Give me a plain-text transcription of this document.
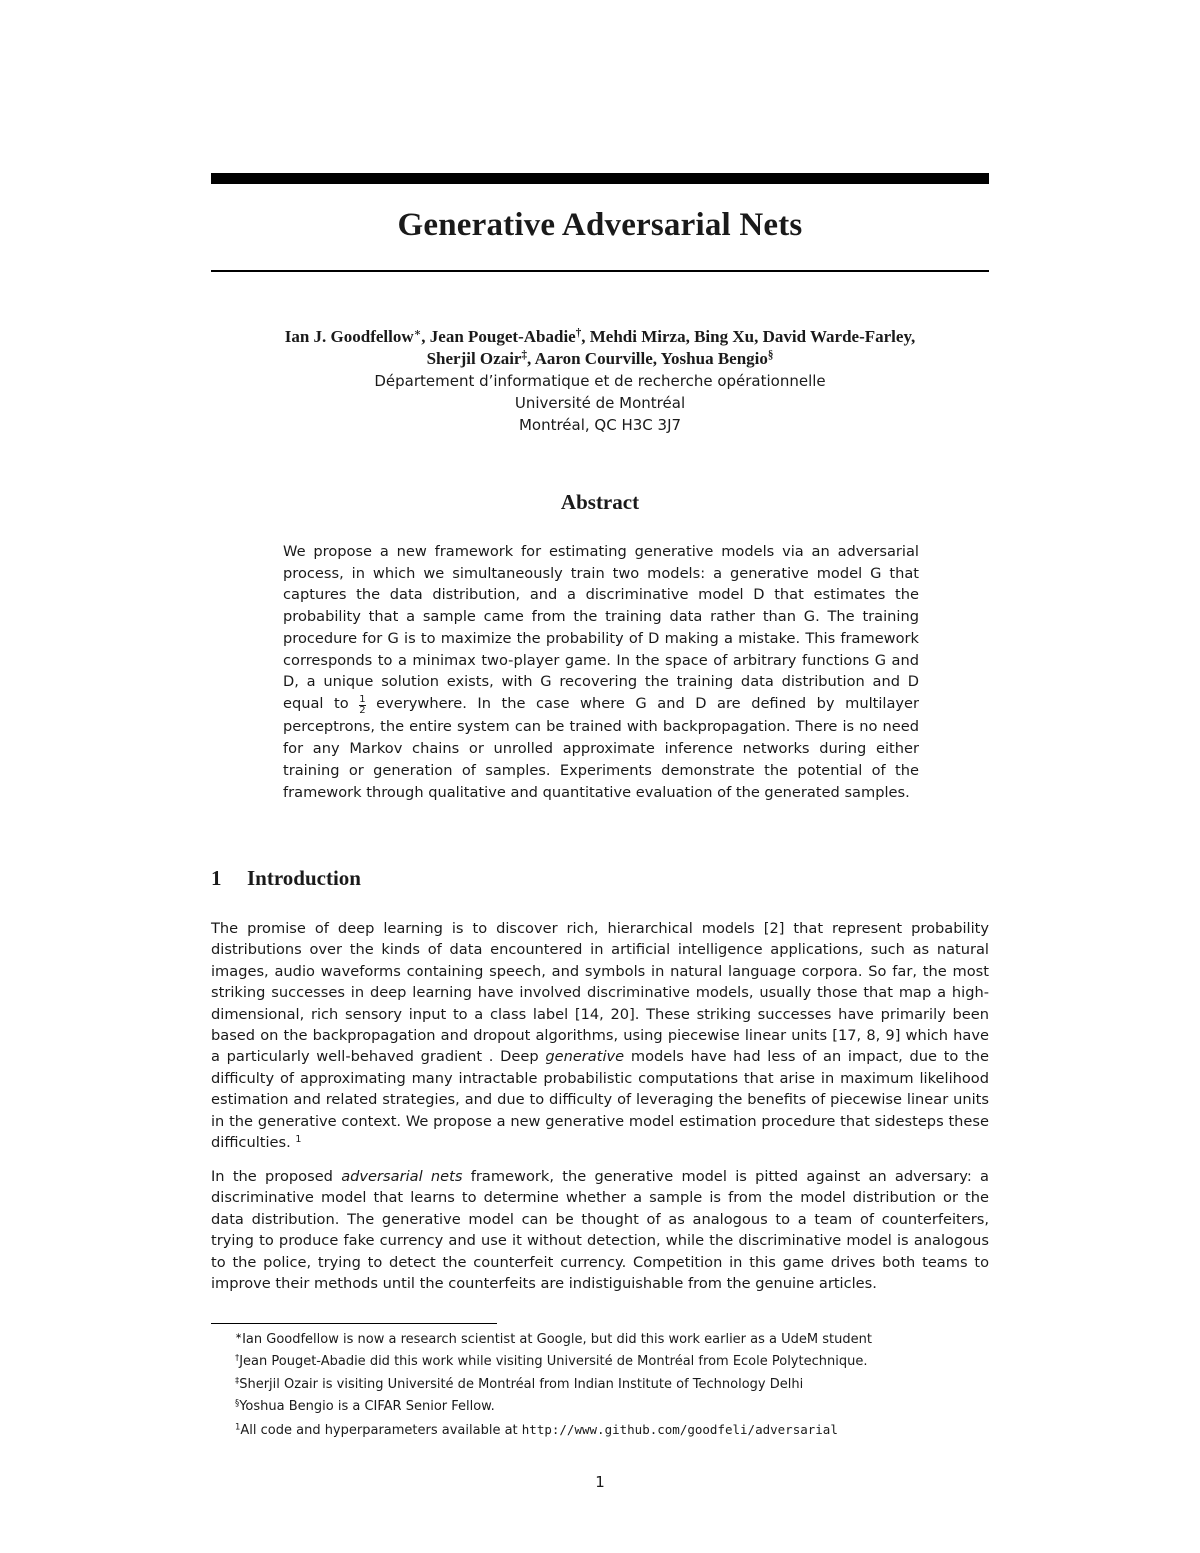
Generative Adversarial Nets
Ian J. Goodfellow∗, Jean Pouget-Abadie†, Mehdi Mirza, Bing Xu, David Warde-Farley,
Sherjil Ozair‡, Aaron Courville, Yoshua Bengio§
Département d’informatique et de recherche opérationnelle
Université de Montréal
Montréal, QC H3C 3J7
Abstract

We propose a new framework for estimating generative models via an adversarial process, in which we simultaneously train two models: a generative model G that captures the data distribution, and a discriminative model D that estimates the probability that a sample came from the training data rather than G. The training procedure for G is to maximize the probability of D making a mistake. This framework corresponds to a minimax two-player game. In the space of arbitrary functions G and D, a unique solution exists, with G recovering the training data distribution and D equal to $\frac{1}{2}$ everywhere. In the case where G and D are defined by multilayer perceptrons, the entire system can be trained with backpropagation. There is no need for any Markov chains or unrolled approximate inference networks during either training or generation of samples. Experiments demonstrate the potential of the framework through qualitative and quantitative evaluation of the generated samples.

1 Introduction

The promise of deep learning is to discover rich, hierarchical models [2] that represent probability distributions over the kinds of data encountered in artificial intelligence applications, such as natural images, audio waveforms containing speech, and symbols in natural language corpora. So far, the most striking successes in deep learning have involved discriminative models, usually those that map a high-dimensional, rich sensory input to a class label [14, 20]. These striking successes have primarily been based on the backpropagation and dropout algorithms, using piecewise linear units [17, 8, 9] which have a particularly well-behaved gradient . Deep generative models have had less of an impact, due to the difficulty of approximating many intractable probabilistic computations that arise in maximum likelihood estimation and related strategies, and due to difficulty of leveraging the benefits of piecewise linear units in the generative context. We propose a new generative model estimation procedure that sidesteps these difficulties. $^1$

In the proposed adversarial nets framework, the generative model is pitted against an adversary: a discriminative model that learns to determine whether a sample is from the model distribution or the data distribution. The generative model can be thought of as analogous to a team of counterfeiters, trying to produce fake currency and use it without detection, while the discriminative model is analogous to the police, trying to detect the counterfeit currency. Competition in this game drives both teams to improve their methods until the counterfeits are indistiguishable from the genuine articles.

∗Ian Goodfellow is now a research scientist at Google, but did this work earlier as a UdeM student
†Jean Pouget-Abadie did this work while visiting Université de Montréal from Ecole Polytechnique.
‡Sherjil Ozair is visiting Université de Montréal from Indian Institute of Technology Delhi
§Yoshua Bengio is a CIFAR Senior Fellow.
$^1$All code and hyperparameters available at http://www.github.com/goodfeli/adversarial
1
